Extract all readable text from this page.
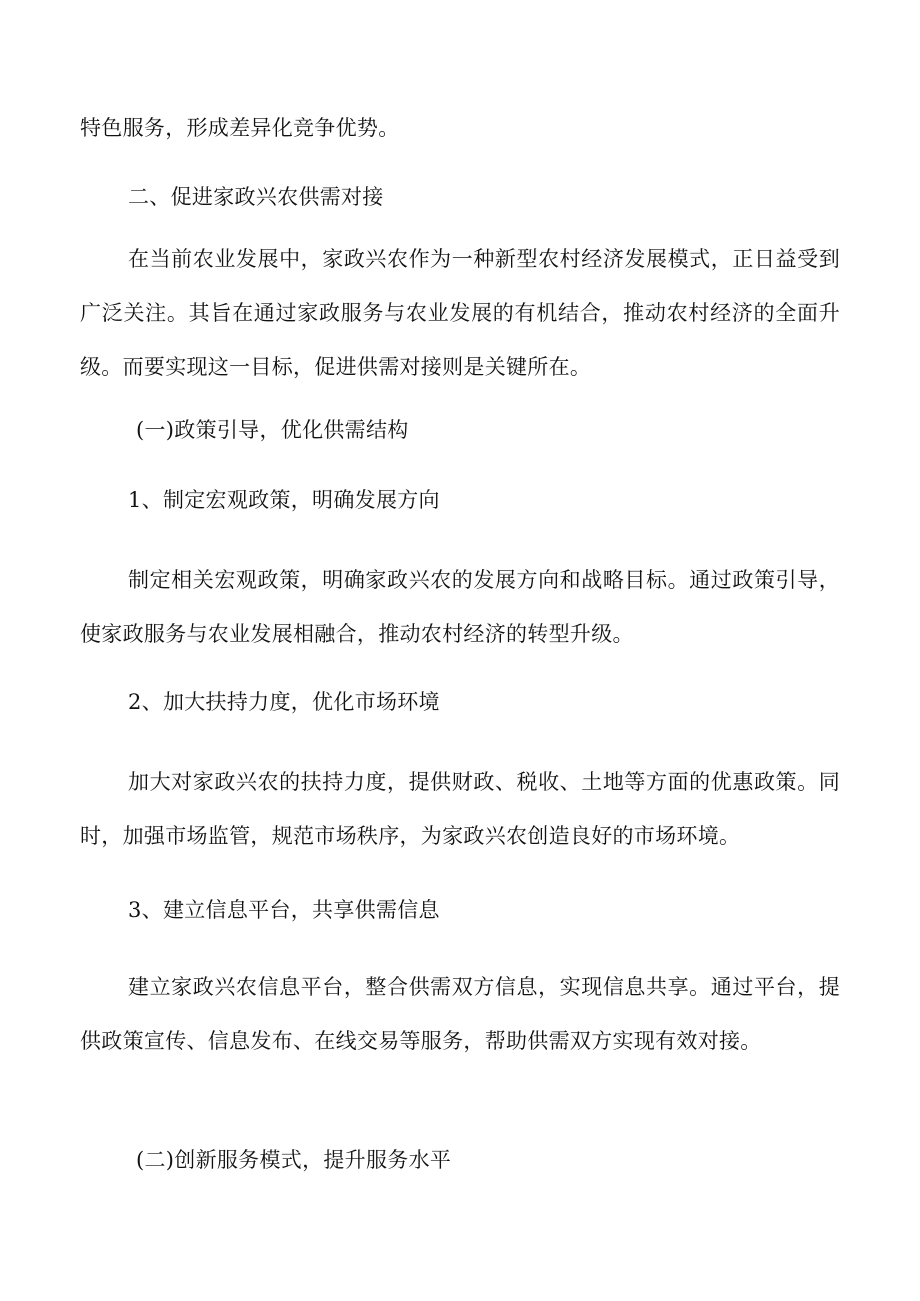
特色服务，形成差异化竞争优势。
二、促进家政兴农供需对接
在当前农业发展中，家政兴农作为一种新型农村经济发展模式，正日益受到广泛关注。其旨在通过家政服务与农业发展的有机结合，推动农村经济的全面升级。而要实现这一目标，促进供需对接则是关键所在。
(一)政策引导，优化供需结构
1、制定宏观政策，明确发展方向
制定相关宏观政策，明确家政兴农的发展方向和战略目标。通过政策引导，使家政服务与农业发展相融合，推动农村经济的转型升级。
2、加大扶持力度，优化市场环境
加大对家政兴农的扶持力度，提供财政、税收、土地等方面的优惠政策。同时，加强市场监管，规范市场秩序，为家政兴农创造良好的市场环境。
3、建立信息平台，共享供需信息
建立家政兴农信息平台，整合供需双方信息，实现信息共享。通过平台，提供政策宣传、信息发布、在线交易等服务，帮助供需双方实现有效对接。
(二)创新服务模式，提升服务水平
